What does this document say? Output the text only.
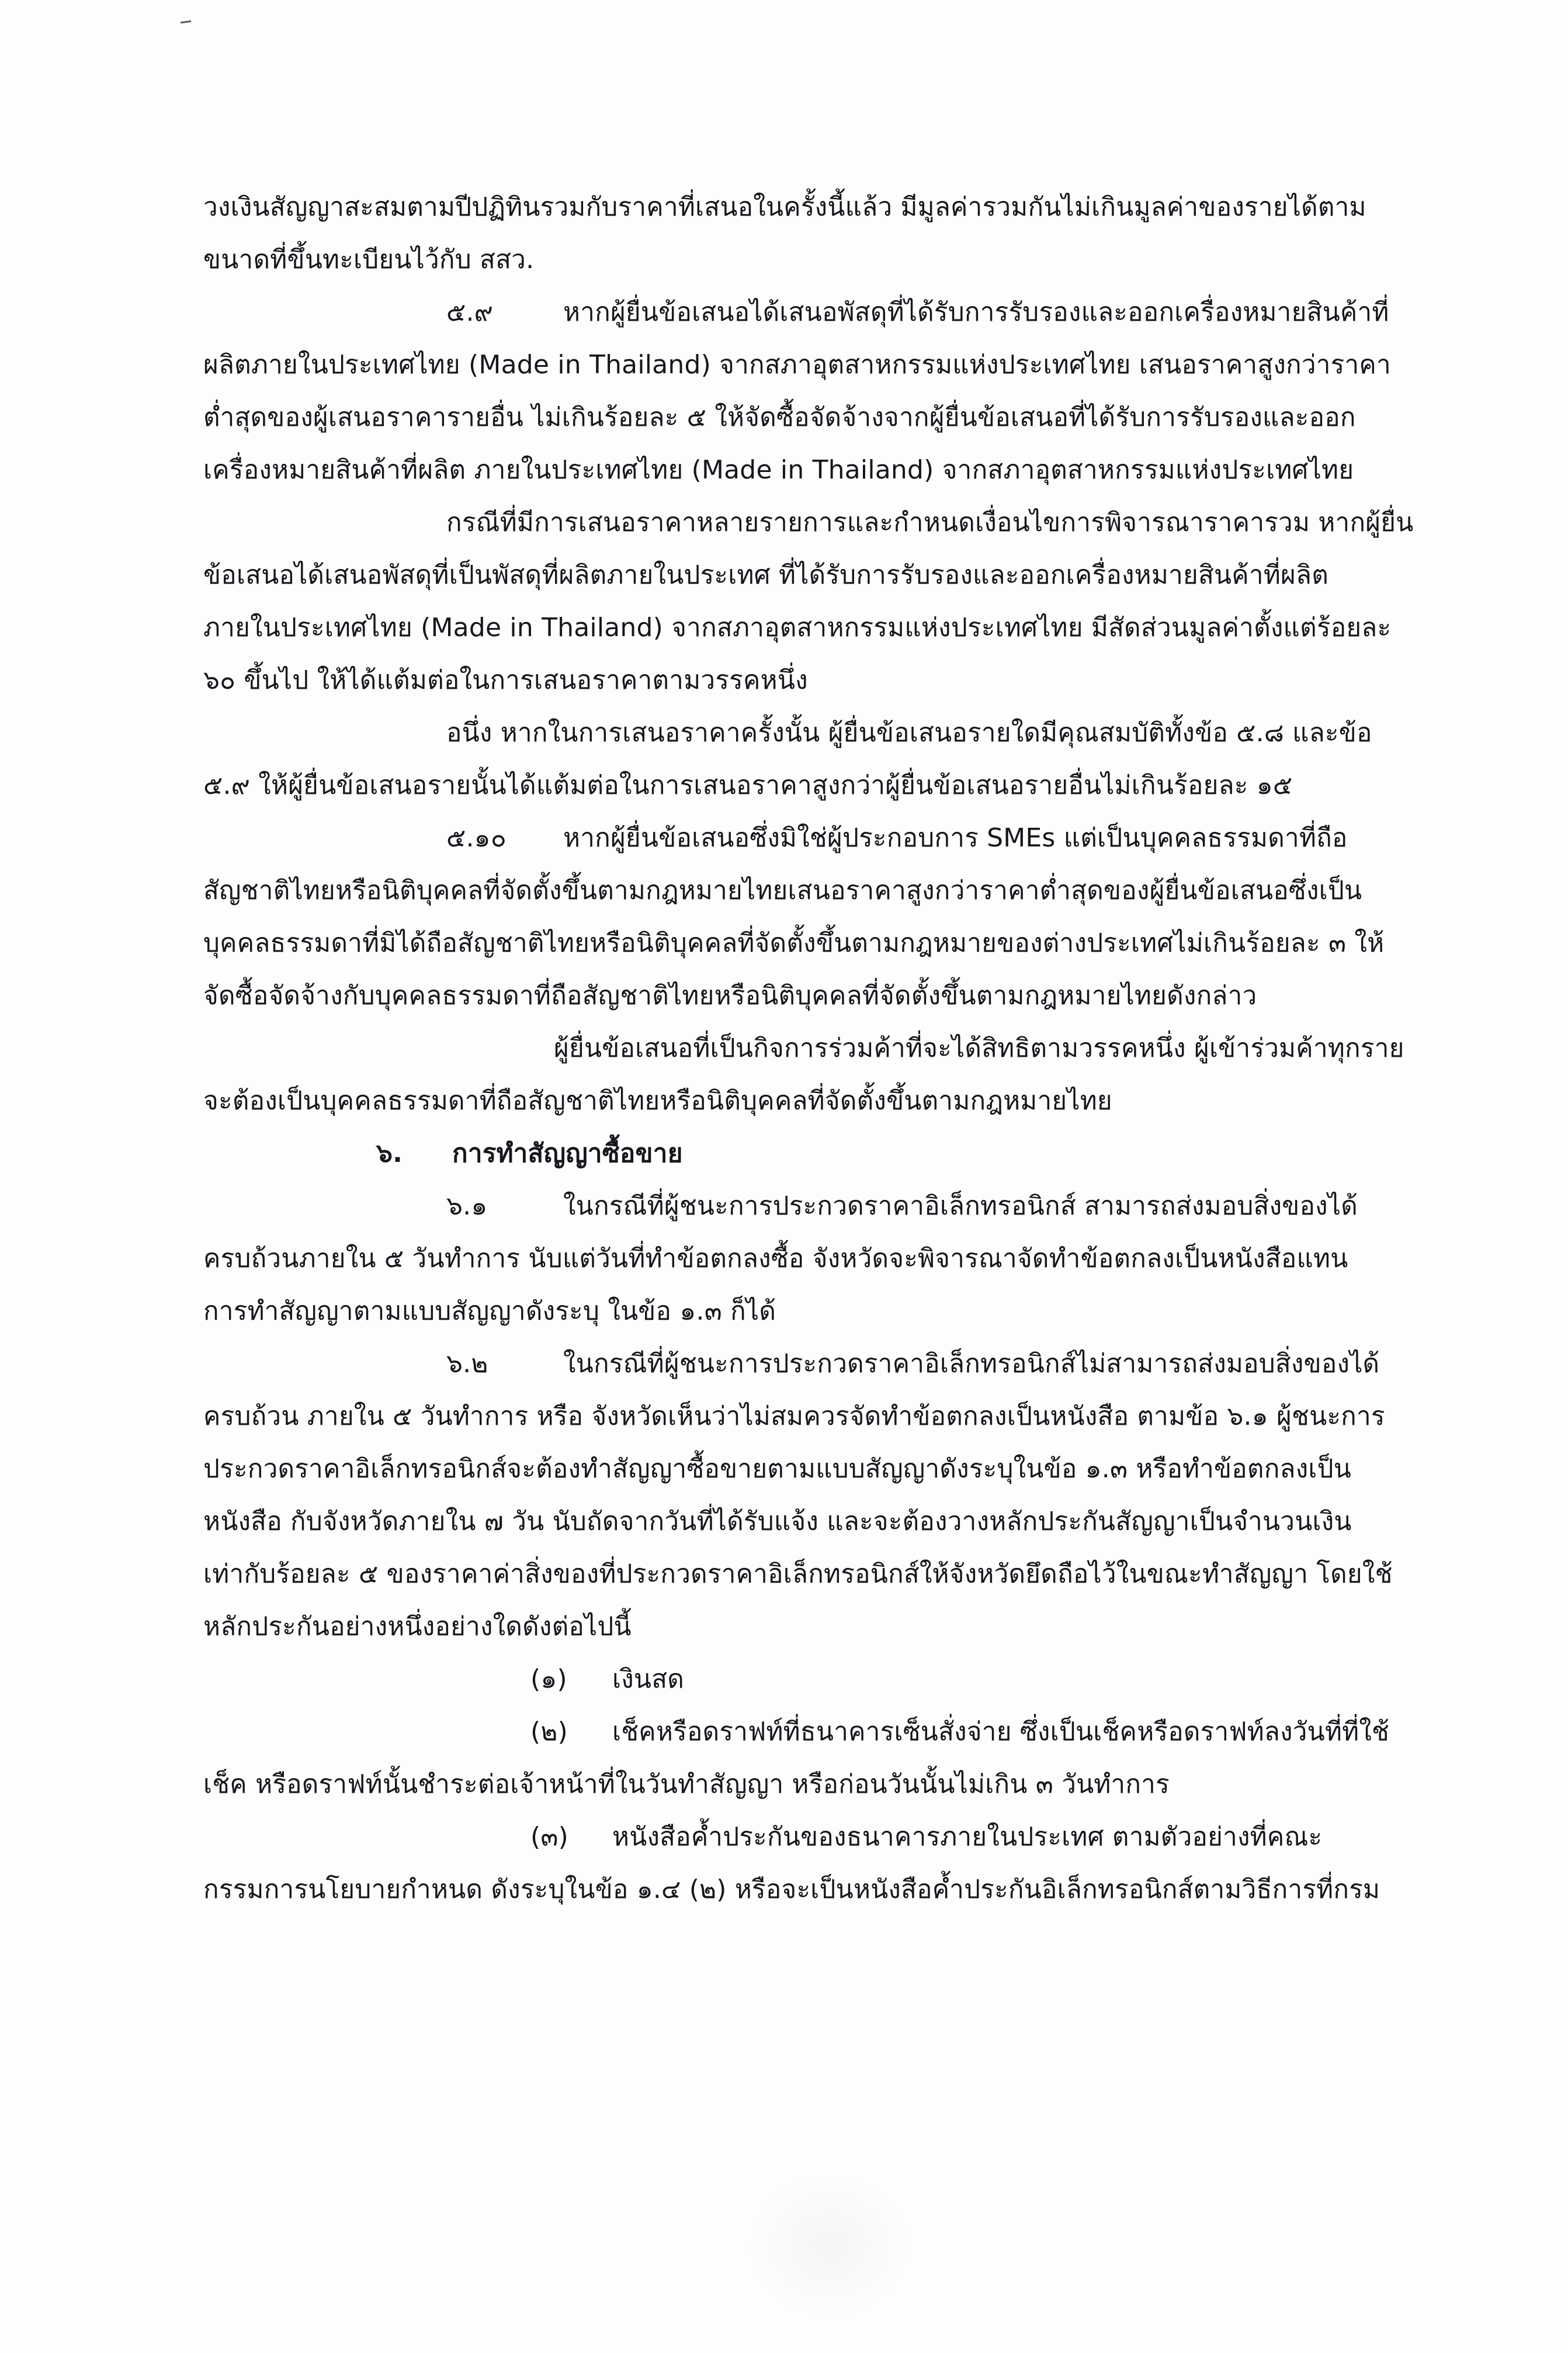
วงเงินสัญญาสะสมตามปีปฏิทินรวมกับราคาที่เสนอในครั้งนี้แล้ว มีมูลค่ารวมกันไม่เกินมูลค่าของรายได้ตาม
ขนาดที่ขึ้นทะเบียนไว้กับ สสว.
๕.๙	หากผู้ยื่นข้อเสนอได้เสนอพัสดุที่ได้รับการรับรองและออกเครื่องหมายสินค้าที่
ผลิตภายในประเทศไทย (Made in Thailand) จากสภาอุตสาหกรรมแห่งประเทศไทย เสนอราคาสูงกว่าราคา
ต่ำสุดของผู้เสนอราคารายอื่น ไม่เกินร้อยละ ๕ ให้จัดซื้อจัดจ้างจากผู้ยื่นข้อเสนอที่ได้รับการรับรองและออก
เครื่องหมายสินค้าที่ผลิต ภายในประเทศไทย (Made in Thailand) จากสภาอุตสาหกรรมแห่งประเทศไทย
กรณีที่มีการเสนอราคาหลายรายการและกำหนดเงื่อนไขการพิจารณาราคารวม หากผู้ยื่น
ข้อเสนอได้เสนอพัสดุที่เป็นพัสดุที่ผลิตภายในประเทศ ที่ได้รับการรับรองและออกเครื่องหมายสินค้าที่ผลิต
ภายในประเทศไทย (Made in Thailand) จากสภาอุตสาหกรรมแห่งประเทศไทย มีสัดส่วนมูลค่าตั้งแต่ร้อยละ
๖๐ ขึ้นไป ให้ได้แต้มต่อในการเสนอราคาตามวรรคหนึ่ง
อนึ่ง หากในการเสนอราคาครั้งนั้น ผู้ยื่นข้อเสนอรายใดมีคุณสมบัติทั้งข้อ ๕.๘ และข้อ
๕.๙ ให้ผู้ยื่นข้อเสนอรายนั้นได้แต้มต่อในการเสนอราคาสูงกว่าผู้ยื่นข้อเสนอรายอื่นไม่เกินร้อยละ ๑๕
๕.๑๐ หากผู้ยื่นข้อเสนอซึ่งมิใช่ผู้ประกอบการ SMEs แต่เป็นบุคคลธรรมดาที่ถือ
สัญชาติไทยหรือนิติบุคคลที่จัดตั้งขึ้นตามกฎหมายไทยเสนอราคาสูงกว่าราคาต่ำสุดของผู้ยื่นข้อเสนอซึ่งเป็น
บุคคลธรรมดาที่มิได้ถือสัญชาติไทยหรือนิติบุคคลที่จัดตั้งขึ้นตามกฎหมายของต่างประเทศไม่เกินร้อยละ ๓ ให้
จัดซื้อจัดจ้างกับบุคคลธรรมดาที่ถือสัญชาติไทยหรือนิติบุคคลที่จัดตั้งขึ้นตามกฎหมายไทยดังกล่าว
ผู้ยื่นข้อเสนอที่เป็นกิจการร่วมค้าที่จะได้สิทธิตามวรรคหนึ่ง ผู้เข้าร่วมค้าทุกราย
จะต้องเป็นบุคคลธรรมดาที่ถือสัญชาติไทยหรือนิติบุคคลที่จัดตั้งขึ้นตามกฎหมายไทย
๖. การทำสัญญาซื้อขาย
๖.๑	ในกรณีที่ผู้ชนะการประกวดราคาอิเล็กทรอนิกส์ สามารถส่งมอบสิ่งของได้
ครบถ้วนภายใน ๕ วันทำการ นับแต่วันที่ทำข้อตกลงซื้อ จังหวัดจะพิจารณาจัดทำข้อตกลงเป็นหนังสือแทน
การทำสัญญาตามแบบสัญญาดังระบุ ในข้อ ๑.๓ ก็ได้
๖.๒	ในกรณีที่ผู้ชนะการประกวดราคาอิเล็กทรอนิกส์ไม่สามารถส่งมอบสิ่งของได้
ครบถ้วน ภายใน ๕ วันทำการ หรือ จังหวัดเห็นว่าไม่สมควรจัดทำข้อตกลงเป็นหนังสือ ตามข้อ ๖.๑ ผู้ชนะการ
ประกวดราคาอิเล็กทรอนิกส์จะต้องทำสัญญาซื้อขายตามแบบสัญญาดังระบุในข้อ ๑.๓ หรือทำข้อตกลงเป็น
หนังสือ กับจังหวัดภายใน ๗ วัน นับถัดจากวันที่ได้รับแจ้ง และจะต้องวางหลักประกันสัญญาเป็นจำนวนเงิน
เท่ากับร้อยละ ๕ ของราคาค่าสิ่งของที่ประกวดราคาอิเล็กทรอนิกส์ให้จังหวัดยึดถือไว้ในขณะทำสัญญา โดยใช้
หลักประกันอย่างหนึ่งอย่างใดดังต่อไปนี้
(๑) เงินสด
(๒) เช็คหรือดราฟท์ที่ธนาคารเซ็นสั่งจ่าย ซึ่งเป็นเช็คหรือดราฟท์ลงวันที่ที่ใช้
เช็ค หรือดราฟท์นั้นชำระต่อเจ้าหน้าที่ในวันทำสัญญา หรือก่อนวันนั้นไม่เกิน ๓ วันทำการ
(๓) หนังสือค้ำประกันของธนาคารภายในประเทศ ตามตัวอย่างที่คณะ
กรรมการนโยบายกำหนด ดังระบุในข้อ ๑.๔ (๒) หรือจะเป็นหนังสือค้ำประกันอิเล็กทรอนิกส์ตามวิธีการที่กรม
